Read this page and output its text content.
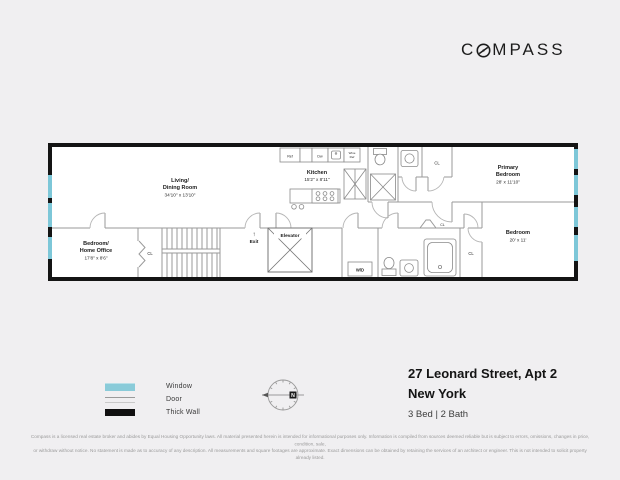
C MPASS
Living/
Dining Room
34'10" x 13'10"
Kitchen
15'2" x 8'11"
Primary
Bedroom
28' x 11'10"
Bedroom/
Home Office
17'8" x 8'6"
Bedroom
20' x 11'
↑
Exit
Elevator
W/D
CL
CL
CL
CL
Ref	Dw
Wine
Ref
Window
Door
Thick Wall
N
27 Leonard Street, Apt 2
New York
3 Bed | 2 Bath
Compass is a licensed real estate broker and abides by Equal Housing Opportunity laws. All material presented herein is intended for informational purposes only. Information is compiled from sources deemed reliable but is subject to errors, omissions, changes in price, condition, sale,
or withdraw without notice. No statement is made as to accuracy of any description. All measurements and square footages are approximate. Exact dimensions can be obtained by retaining the services of an architect or engineer. This is not intended to solicit property already listed.
